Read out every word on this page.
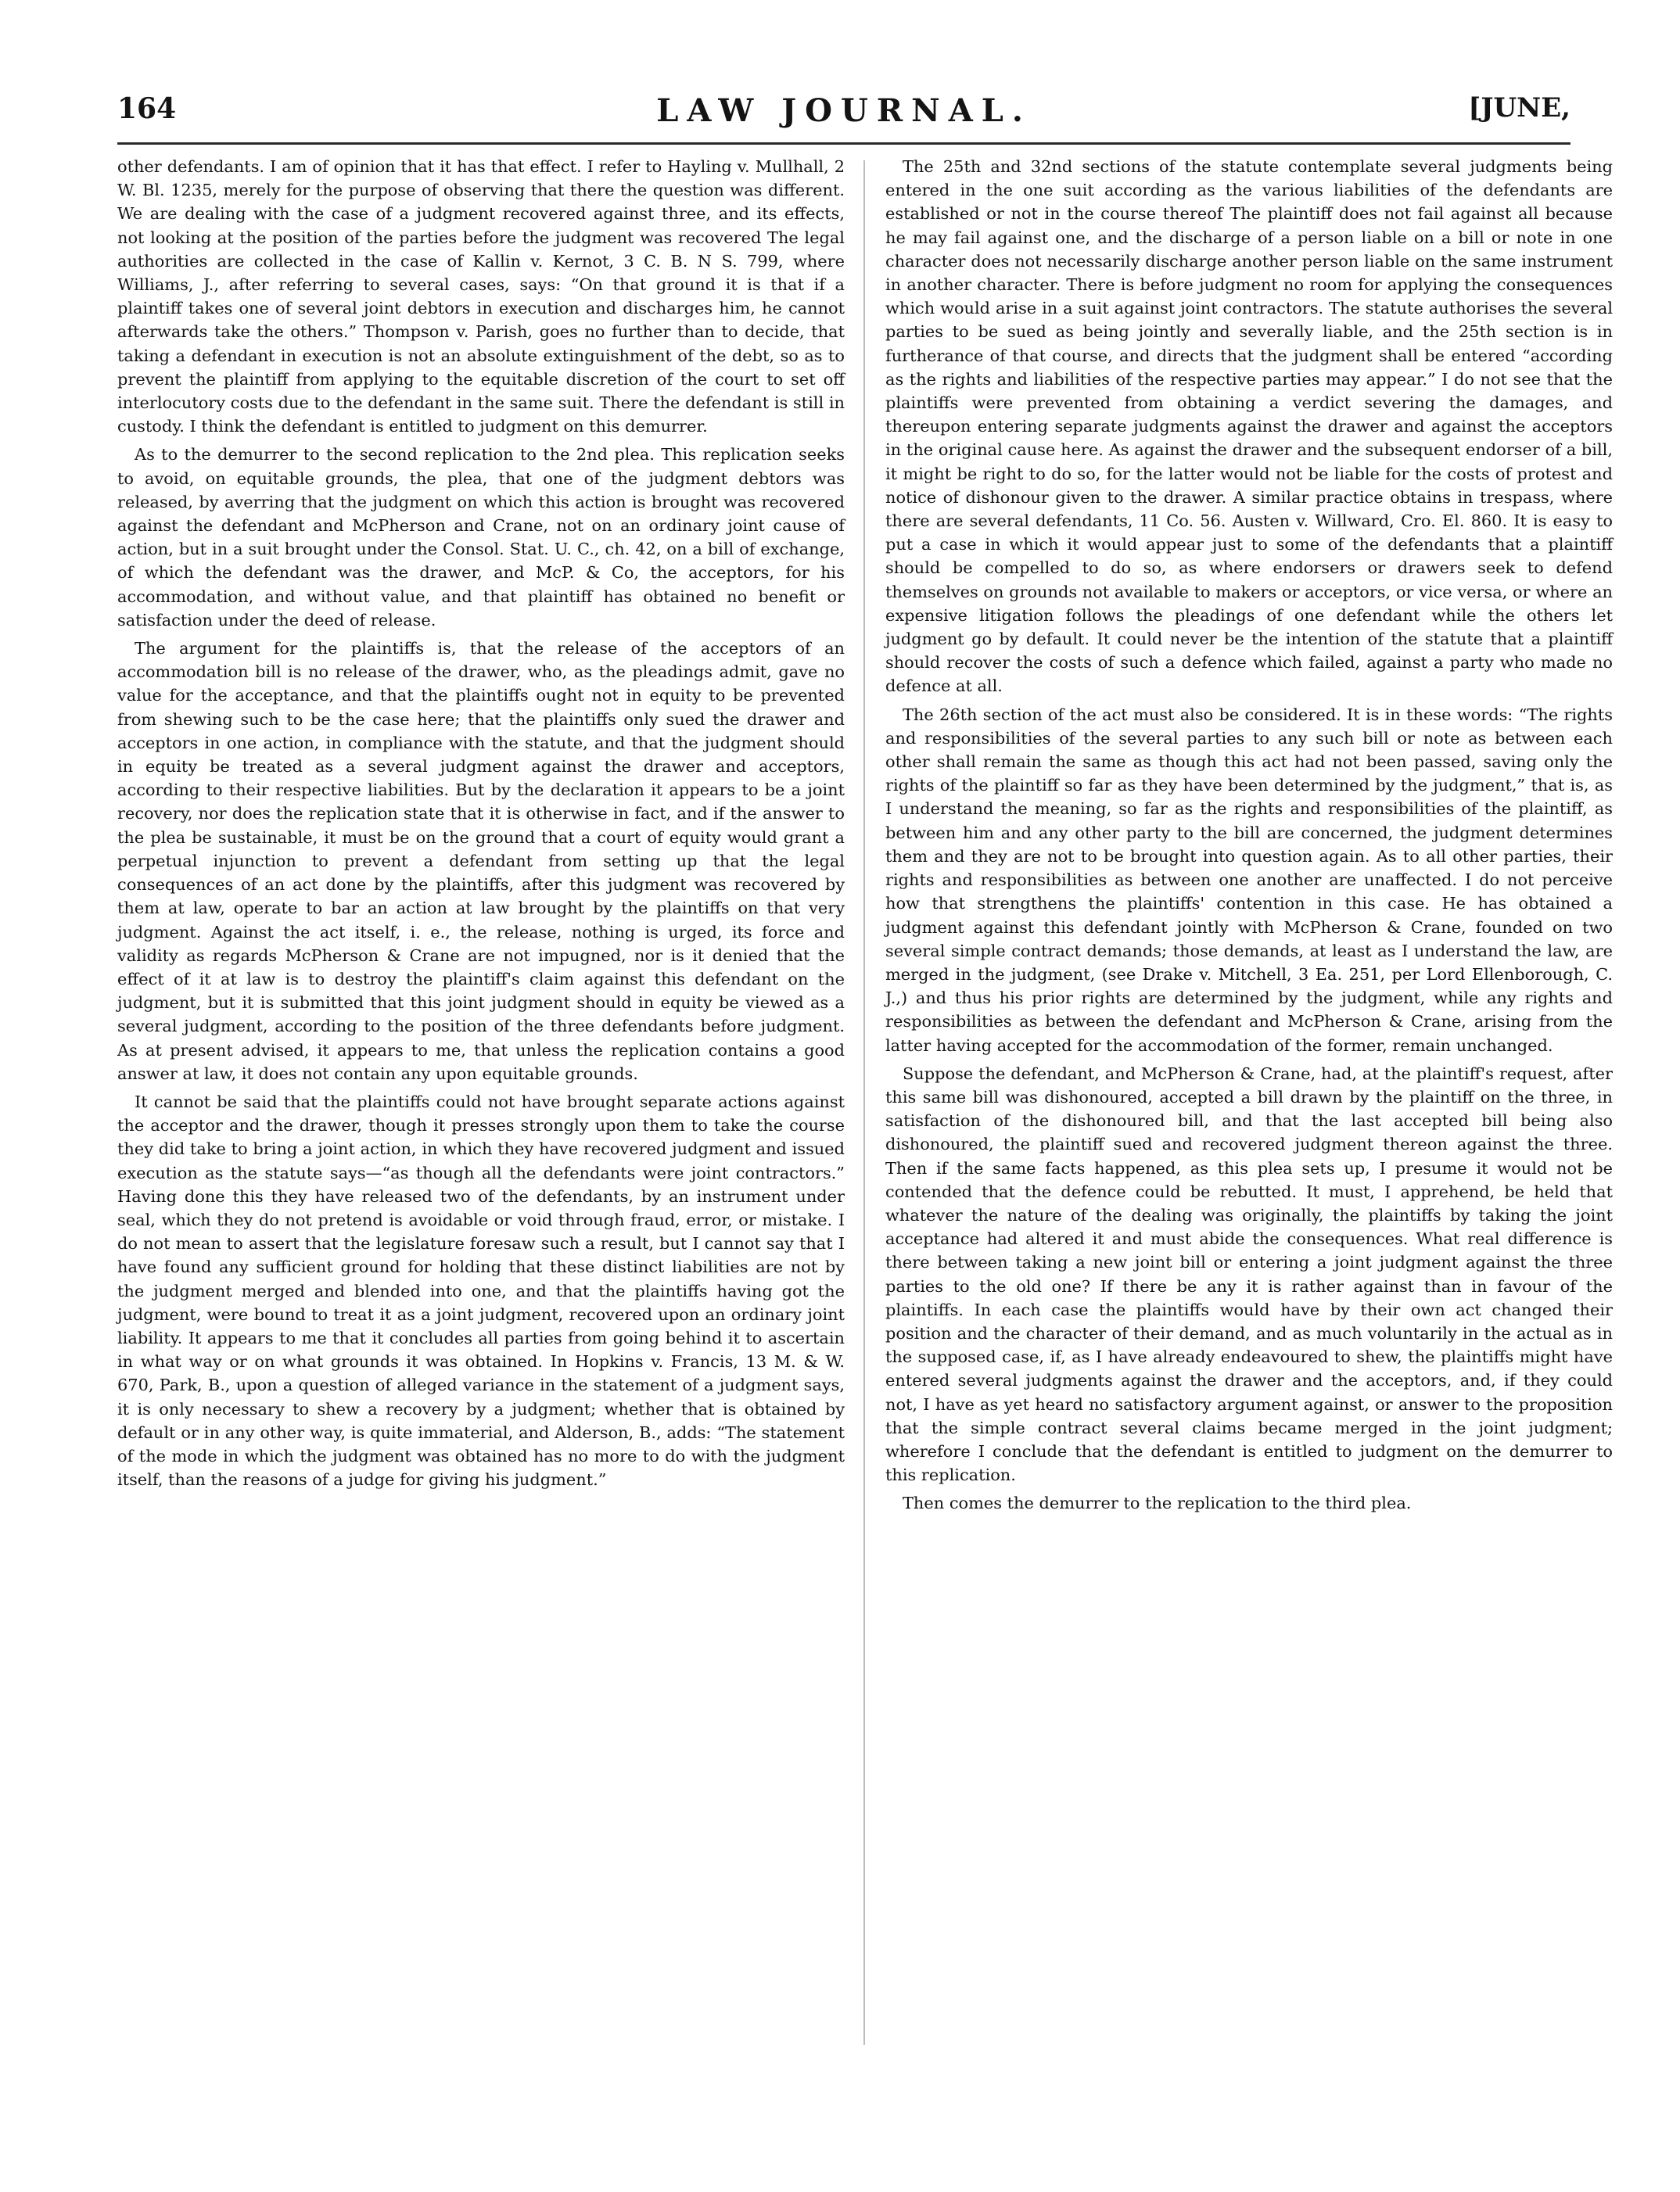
164	LAW JOURNAL.	[JUNE,

other defendants. I am of opinion that it has that effect. I refer to Hayling v. Mullhall, 2 W. Bl. 1235, merely for the purpose of observing that there the question was different. We are dealing with the case of a judgment recovered against three, and its effects, not looking at the position of the parties before the judgment was recovered The legal authorities are collected in the case of Kallin v. Kernot, 3 C. B. N S. 799, where Williams, J., after referring to several cases, says: “On that ground it is that if a plaintiff takes one of several joint debtors in execution and discharges him, he cannot afterwards take the others.” Thompson v. Parish, goes no further than to decide, that taking a defendant in execution is not an absolute extinguishment of the debt, so as to prevent the plaintiff from applying to the equitable discretion of the court to set off interlocutory costs due to the defendant in the same suit. There the defendant is still in custody. I think the defendant is entitled to judgment on this demurrer.

As to the demurrer to the second replication to the 2nd plea. This replication seeks to avoid, on equitable grounds, the plea, that one of the judgment debtors was released, by averring that the judgment on which this action is brought was recovered against the defendant and McPherson and Crane, not on an ordinary joint cause of action, but in a suit brought under the Consol. Stat. U. C., ch. 42, on a bill of exchange, of which the defendant was the drawer, and McP. & Co, the acceptors, for his accommodation, and without value, and that plaintiff has obtained no benefit or satisfaction under the deed of release.

The argument for the plaintiffs is, that the release of the acceptors of an accommodation bill is no release of the drawer, who, as the pleadings admit, gave no value for the acceptance, and that the plaintiffs ought not in equity to be prevented from shewing such to be the case here; that the plaintiffs only sued the drawer and acceptors in one action, in compliance with the statute, and that the judgment should in equity be treated as a several judgment against the drawer and acceptors, according to their respective liabilities. But by the declaration it appears to be a joint recovery, nor does the replication state that it is otherwise in fact, and if the answer to the plea be sustainable, it must be on the ground that a court of equity would grant a perpetual injunction to prevent a defendant from setting up that the legal consequences of an act done by the plaintiffs, after this judgment was recovered by them at law, operate to bar an action at law brought by the plaintiffs on that very judgment. Against the act itself, i. e., the release, nothing is urged, its force and validity as regards McPherson & Crane are not impugned, nor is it denied that the effect of it at law is to destroy the plaintiff's claim against this defendant on the judgment, but it is submitted that this joint judgment should in equity be viewed as a several judgment, according to the position of the three defendants before judgment. As at present advised, it appears to me, that unless the replication contains a good answer at law, it does not contain any upon equitable grounds.

It cannot be said that the plaintiffs could not have brought separate actions against the acceptor and the drawer, though it presses strongly upon them to take the course they did take to bring a joint action, in which they have recovered judgment and issued execution as the statute says—“as though all the defendants were joint contractors.” Having done this they have released two of the defendants, by an instrument under seal, which they do not pretend is avoidable or void through fraud, error, or mistake. I do not mean to assert that the legislature foresaw such a result, but I cannot say that I have found any sufficient ground for holding that these distinct liabilities are not by the judgment merged and blended into one, and that the plaintiffs having got the judgment, were bound to treat it as a joint judgment, recovered upon an ordinary joint liability. It appears to me that it concludes all parties from going behind it to ascertain in what way or on what grounds it was obtained. In Hopkins v. Francis, 13 M. & W. 670, Park, B., upon a question of alleged variance in the statement of a judgment says, it is only necessary to shew a recovery by a judgment; whether that is obtained by default or in any other way, is quite immaterial, and Alderson, B., adds: “The statement of the mode in which the judgment was obtained has no more to do with the judgment itself, than the reasons of a judge for giving his judgment.”

The 25th and 32nd sections of the statute contemplate several judgments being entered in the one suit according as the various liabilities of the defendants are established or not in the course thereof The plaintiff does not fail against all because he may fail against one, and the discharge of a person liable on a bill or note in one character does not necessarily discharge another person liable on the same instrument in another character. There is before judgment no room for applying the consequences which would arise in a suit against joint contractors. The statute authorises the several parties to be sued as being jointly and severally liable, and the 25th section is in furtherance of that course, and directs that the judgment shall be entered “according as the rights and liabilities of the respective parties may appear.” I do not see that the plaintiffs were prevented from obtaining a verdict severing the damages, and thereupon entering separate judgments against the drawer and against the acceptors in the original cause here. As against the drawer and the subsequent endorser of a bill, it might be right to do so, for the latter would not be liable for the costs of protest and notice of dishonour given to the drawer. A similar practice obtains in trespass, where there are several defendants, 11 Co. 56. Austen v. Willward, Cro. El. 860. It is easy to put a case in which it would appear just to some of the defendants that a plaintiff should be compelled to do so, as where endorsers or drawers seek to defend themselves on grounds not available to makers or acceptors, or vice versa, or where an expensive litigation follows the pleadings of one defendant while the others let judgment go by default. It could never be the intention of the statute that a plaintiff should recover the costs of such a defence which failed, against a party who made no defence at all.

The 26th section of the act must also be considered. It is in these words: “The rights and responsibilities of the several parties to any such bill or note as between each other shall remain the same as though this act had not been passed, saving only the rights of the plaintiff so far as they have been determined by the judgment,” that is, as I understand the meaning, so far as the rights and responsibilities of the plaintiff, as between him and any other party to the bill are concerned, the judgment determines them and they are not to be brought into question again. As to all other parties, their rights and responsibilities as between one another are unaffected. I do not perceive how that strengthens the plaintiffs' contention in this case. He has obtained a judgment against this defendant jointly with McPherson & Crane, founded on two several simple contract demands; those demands, at least as I understand the law, are merged in the judgment, (see Drake v. Mitchell, 3 Ea. 251, per Lord Ellenborough, C. J.,) and thus his prior rights are determined by the judgment, while any rights and responsibilities as between the defendant and McPherson & Crane, arising from the latter having accepted for the accommodation of the former, remain unchanged.

Suppose the defendant, and McPherson & Crane, had, at the plaintiff's request, after this same bill was dishonoured, accepted a bill drawn by the plaintiff on the three, in satisfaction of the dishonoured bill, and that the last accepted bill being also dishonoured, the plaintiff sued and recovered judgment thereon against the three. Then if the same facts happened, as this plea sets up, I presume it would not be contended that the defence could be rebutted. It must, I apprehend, be held that whatever the nature of the dealing was originally, the plaintiffs by taking the joint acceptance had altered it and must abide the consequences. What real difference is there between taking a new joint bill or entering a joint judgment against the three parties to the old one? If there be any it is rather against than in favour of the plaintiffs. In each case the plaintiffs would have by their own act changed their position and the character of their demand, and as much voluntarily in the actual as in the supposed case, if, as I have already endeavoured to shew, the plaintiffs might have entered several judgments against the drawer and the acceptors, and, if they could not, I have as yet heard no satisfactory argument against, or answer to the proposition that the simple contract several claims became merged in the joint judgment; wherefore I conclude that the defendant is entitled to judgment on the demurrer to this replication.

Then comes the demurrer to the replication to the third plea.
